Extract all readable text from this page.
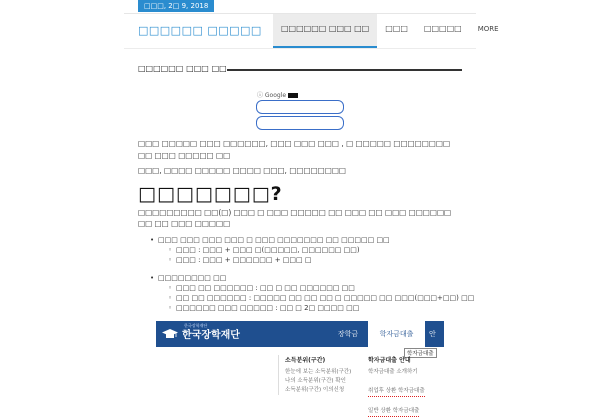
□□□, 2□ 9, 2018
□□□□□□ □□□□□	□□□□□□ □□□ □□	□□□	□□□□□	MORE
□□□□□□ □□□ □□
ⓘ Google
□□□ □□□□□ □□□ □□□□□□, □□□ □□□ □□□ , □ □□□□□ □□□□□□□□ □□ □□□ □□□□□ □□
□□□, □□□□ □□□□□ □□□□ □□□, □□□□□□□□
□□□□□□□?
□□□□□□□□□ □□(□) □□□ □ □□□ □□□□□ □□ □□□ □□ □□□ □□□□□□ □□ □□ □□□ □□□□□
• □□□ □□□ □□□ □□□ □ □□□ □□□□□□□ □□ □□□□□ □□
◦ □□□ : □□□ + □□□ □(□□□□□, □□□□□□ □□)
◦ □□□ : □□□ + □□□□□□ + □□□ □
• □□□□□□□□ □□
◦ □□□ □□ □□□□□□ : □□ □ □□ □□□□□□ □□
◦ □□ □□ □□□□□□ : □□□□□ □□ □□ □□ □ □□□□□ □□ □□□(□□□+□□) □□
◦ □□□□□□ □□□ □□□□□ : □□ □ 2□ □□□□ □□
한국장학재단
한국장학재단
장학금	학자금대출	안
학자금대출
소득분위(구간)
한눈에 보는 소득분위(구간)
나의 소득분위(구간) 확인
소득분위(구간) 이의신청
학자금대출 안내
학자금대출 소개하기
취업후 상환 학자금대출
일반 상환 학자금대출
